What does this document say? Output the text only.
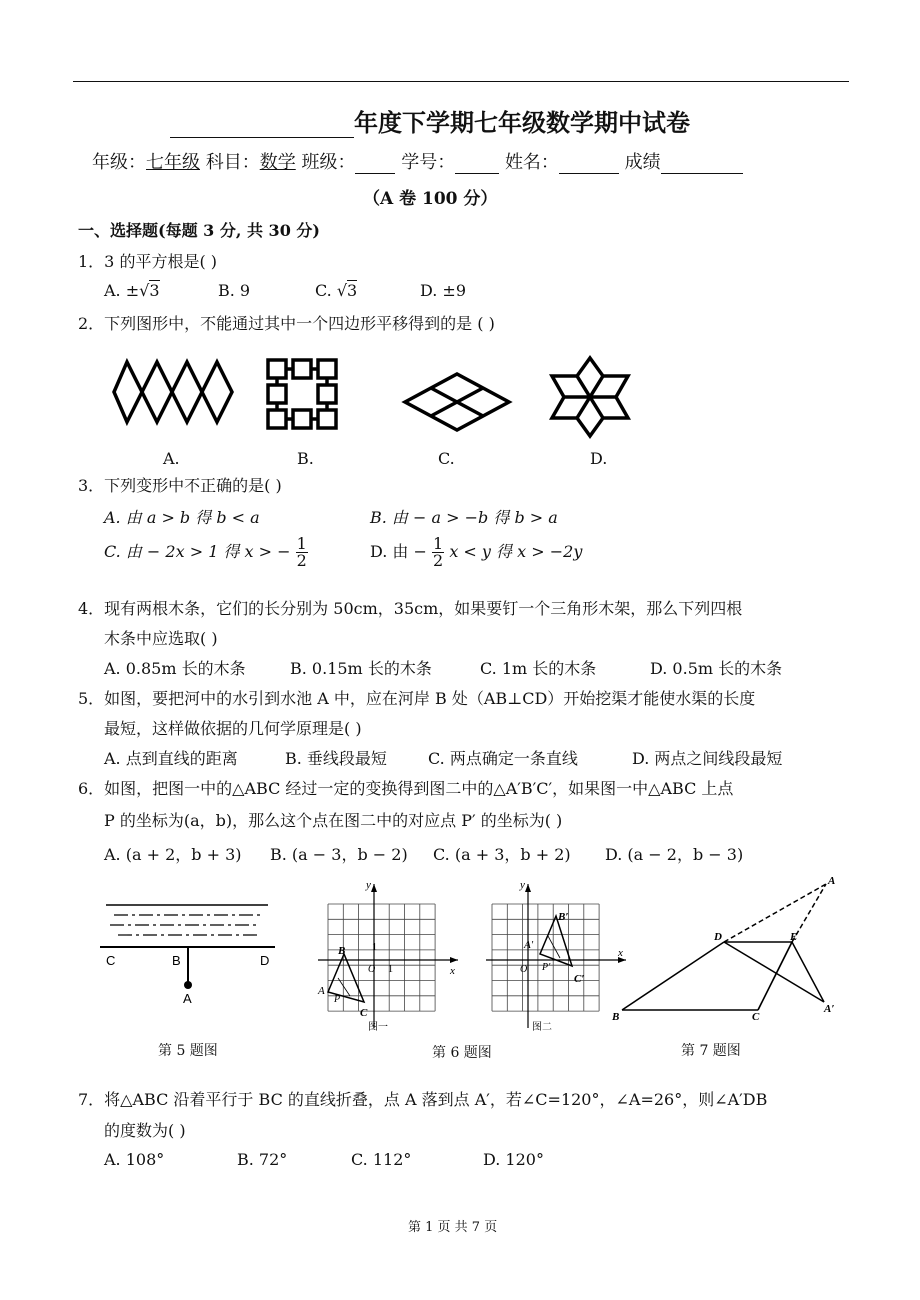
年度下学期七年级数学期中试卷
年级：七年级 科目：数学 班级：	学号：	姓名：	成绩
（A 卷 100 分）
一、选择题(每题 3 分, 共 30 分)
1．3 的平方根是( )
A. ±√3	B. 9	C. √3	D. ±9
2．下列图形中，不能通过其中一个四边形平移得到的是 ( )
A.	B.	C.	D.
3．下列变形中不正确的是( )
A. 由 a > b 得 b < a	B. 由 − a > −b 得 b > a
C. 由 − 2x > 1 得 x > − $\frac{1}{2}$	D. 由 − $\frac{1}{2}$ x < y 得 x > −2y
4．现有两根木条，它们的长分别为 50cm，35cm，如果要钉一个三角形木架，那么下列四根
木条中应选取( )
A. 0.85m 长的木条	B. 0.15m 长的木条	C. 1m 长的木条	D. 0.5m 长的木条
5．如图，要把河中的水引到水池 A 中，应在河岸 B 处（AB⊥CD）开始挖渠才能使水渠的长度
最短，这样做依据的几何学原理是( )
A. 点到直线的距离	B. 垂线段最短	C. 两点确定一条直线	D. 两点之间线段最短
6．如图，把图一中的△ABC 经过一定的变换得到图二中的△A′B′C′，如果图一中△ABC 上点
P 的坐标为(a，b)，那么这个点在图二中的对应点 P′ 的坐标为( )
A. (a + 2，b + 3) B. (a − 3，b − 2) C. (a + 3，b + 2) D. (a − 2，b − 3)
C	B	D
A
第 5 题图
y
x
O
1
1
B
A
P
C
图一
y
x
O
B′
A′
P′
C′
图二
第 6 题图
A
D	E
B	C
A′
第 7 题图
7．将△ABC 沿着平行于 BC 的直线折叠，点 A 落到点 A′，若∠C=120°，∠A=26°，则∠A′DB
的度数为( )
A. 108°	B. 72°	C. 112°	D. 120°
第 1 页 共 7 页
